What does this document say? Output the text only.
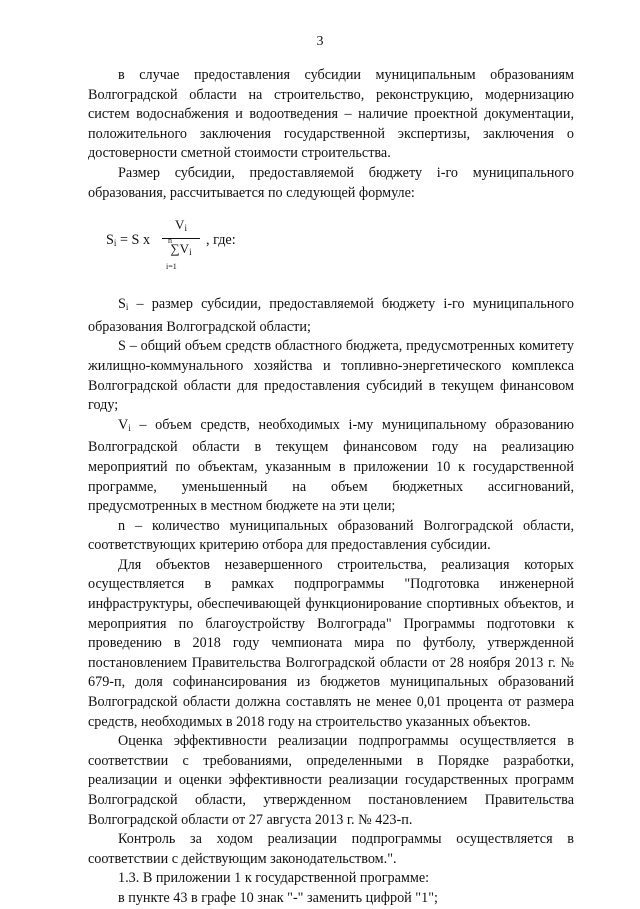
3

в случае предоставления субсидии муниципальным образованиям Волгоградской области на строительство, реконструкцию, модернизацию систем водоснабжения и водоотведения – наличие проектной документации, положительного заключения государственной экспертизы, заключения о достоверности сметной стоимости строительства.

Размер субсидии, предоставляемой бюджету i-го муниципального образования, рассчитывается по следующей формуле:

$S_i = S$ х
$V_i$
n
$\sum V_i$
i=1
, где:

$S_i$ – размер субсидии, предоставляемой бюджету i-го муниципального образования Волгоградской области;

S – общий объем средств областного бюджета, предусмотренных комитету жилищно-коммунального хозяйства и топливно-энергетического комплекса Волгоградской области для предоставления субсидий в текущем финансовом году;

$V_i$ – объем средств, необходимых i-му муниципальному образованию Волгоградской области в текущем финансовом году на реализацию мероприятий по объектам, указанным в приложении 10 к государственной программе, уменьшенный на объем бюджетных ассигнований, предусмотренных в местном бюджете на эти цели;

n – количество муниципальных образований Волгоградской области, соответствующих критерию отбора для предоставления субсидии.

Для объектов незавершенного строительства, реализация которых осуществляется в рамках подпрограммы "Подготовка инженерной инфраструктуры, обеспечивающей функционирование спортивных объектов, и мероприятия по благоустройству Волгограда" Программы подготовки к проведению в 2018 году чемпионата мира по футболу, утвержденной постановлением Правительства Волгоградской области от 28 ноября 2013 г. № 679-п, доля софинансирования из бюджетов муниципальных образований Волгоградской области должна составлять не менее 0,01 процента от размера средств, необходимых в 2018 году на строительство указанных объектов.

Оценка эффективности реализации подпрограммы осуществляется в соответствии с требованиями, определенными в Порядке разработки, реализации и оценки эффективности реализации государственных программ Волгоградской области, утвержденном постановлением Правительства Волгоградской области от 27 августа 2013 г. № 423-п.

Контроль за ходом реализации подпрограммы осуществляется в соответствии с действующим законодательством.".

1.3. В приложении 1 к государственной программе:

в пункте 43 в графе 10 знак "-" заменить цифрой "1";
